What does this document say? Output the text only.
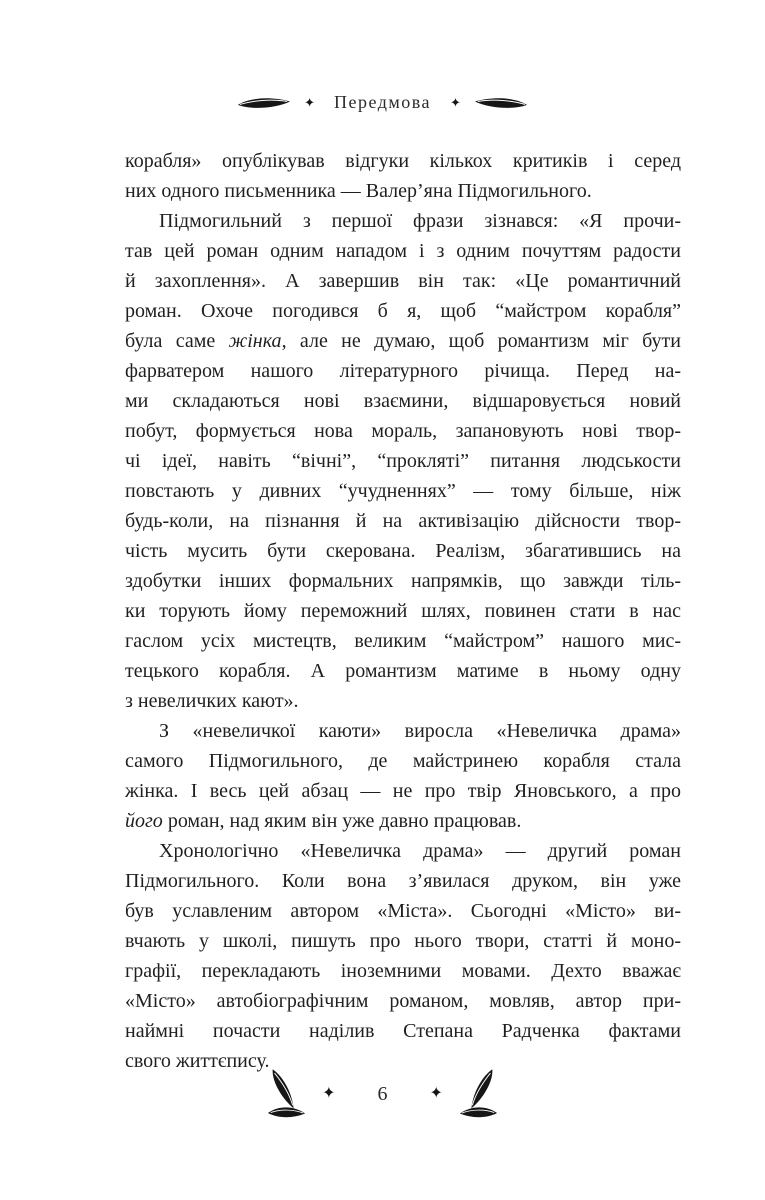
✦	Передмова	✦
корабля» опублікував відгуки кількох критиків і серед
них одного письменника — Валер’яна Підмогильного.
Підмогильний з першої фрази зізнався: «Я прочи-
тав цей роман одним нападом і з одним почуттям радости
й захоплення». А завершив він так: «Це романтичний
роман. Охоче погодився б я, щоб “майстром корабля”
була саме жінка, але не думаю, щоб романтизм міг бути
фарватером нашого літературного річища. Перед на-
ми складаються нові взаємини, відшаровується новий
побут, формується нова мораль, запановують нові твор-
чі ідеї, навіть “вічні”, “прокляті” питання людськости
повстають у дивних “учудненнях” — тому більше, ніж
будь-коли, на пізнання й на активізацію дійсности твор-
чість мусить бути скерована. Реалізм, збагатившись на
здобутки інших формальних напрямків, що завжди тіль-
ки торують йому переможний шлях, повинен стати в нас
гаслом усіх мистецтв, великим “майстром” нашого мис-
тецького корабля. А романтизм матиме в ньому одну
з невеличких кают».
З «невеличкої каюти» виросла «Невеличка драма»
самого Підмогильного, де майстринею корабля стала
жінка. І весь цей абзац — не про твір Яновського, а про
його роман, над яким він уже давно працював.
Хронологічно «Невеличка драма» — другий роман
Підмогильного. Коли вона з’явилася друком, він уже
був уславленим автором «Міста». Сьогодні «Місто» ви-
вчають у школі, пишуть про нього твори, статті й моно-
графії, перекладають іноземними мовами. Дехто вважає
«Місто» автобіографічним романом, мовляв, автор при-
наймні почасти наділив Степана Радченка фактами
свого життєпису.
✦ 6	✦
